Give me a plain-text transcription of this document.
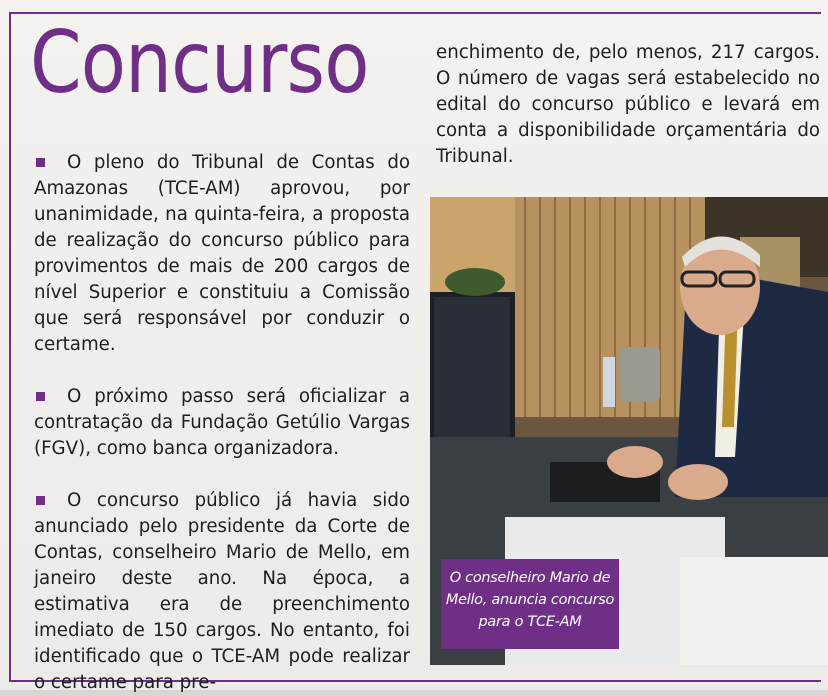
Concurso

O pleno do Tribunal de Contas do Amazonas (TCE-AM) aprovou, por unanimidade, na quinta-feira, a proposta de realização do concurso público para provimentos de mais de 200 cargos de nível Superior e constituiu a Comissão que será responsável por conduzir o certame.

O próximo passo será oficializar a contratação da Fundação Getúlio Vargas (FGV), como banca organizadora.

O concurso público já havia sido anunciado pelo presidente da Corte de Contas, conselheiro Mario de Mello, em janeiro deste ano. Na época, a estimativa era de preenchimento imediato de 150 cargos. No entanto, foi identificado que o TCE-AM pode realizar o certame para pre-

enchimento de, pelo menos, 217 cargos. O número de vagas será estabelecido no edital do concurso público e levará em conta a disponibilidade orçamentária do Tribunal.

O conselheiro Mario de Mello, anuncia concurso para o TCE-AM
